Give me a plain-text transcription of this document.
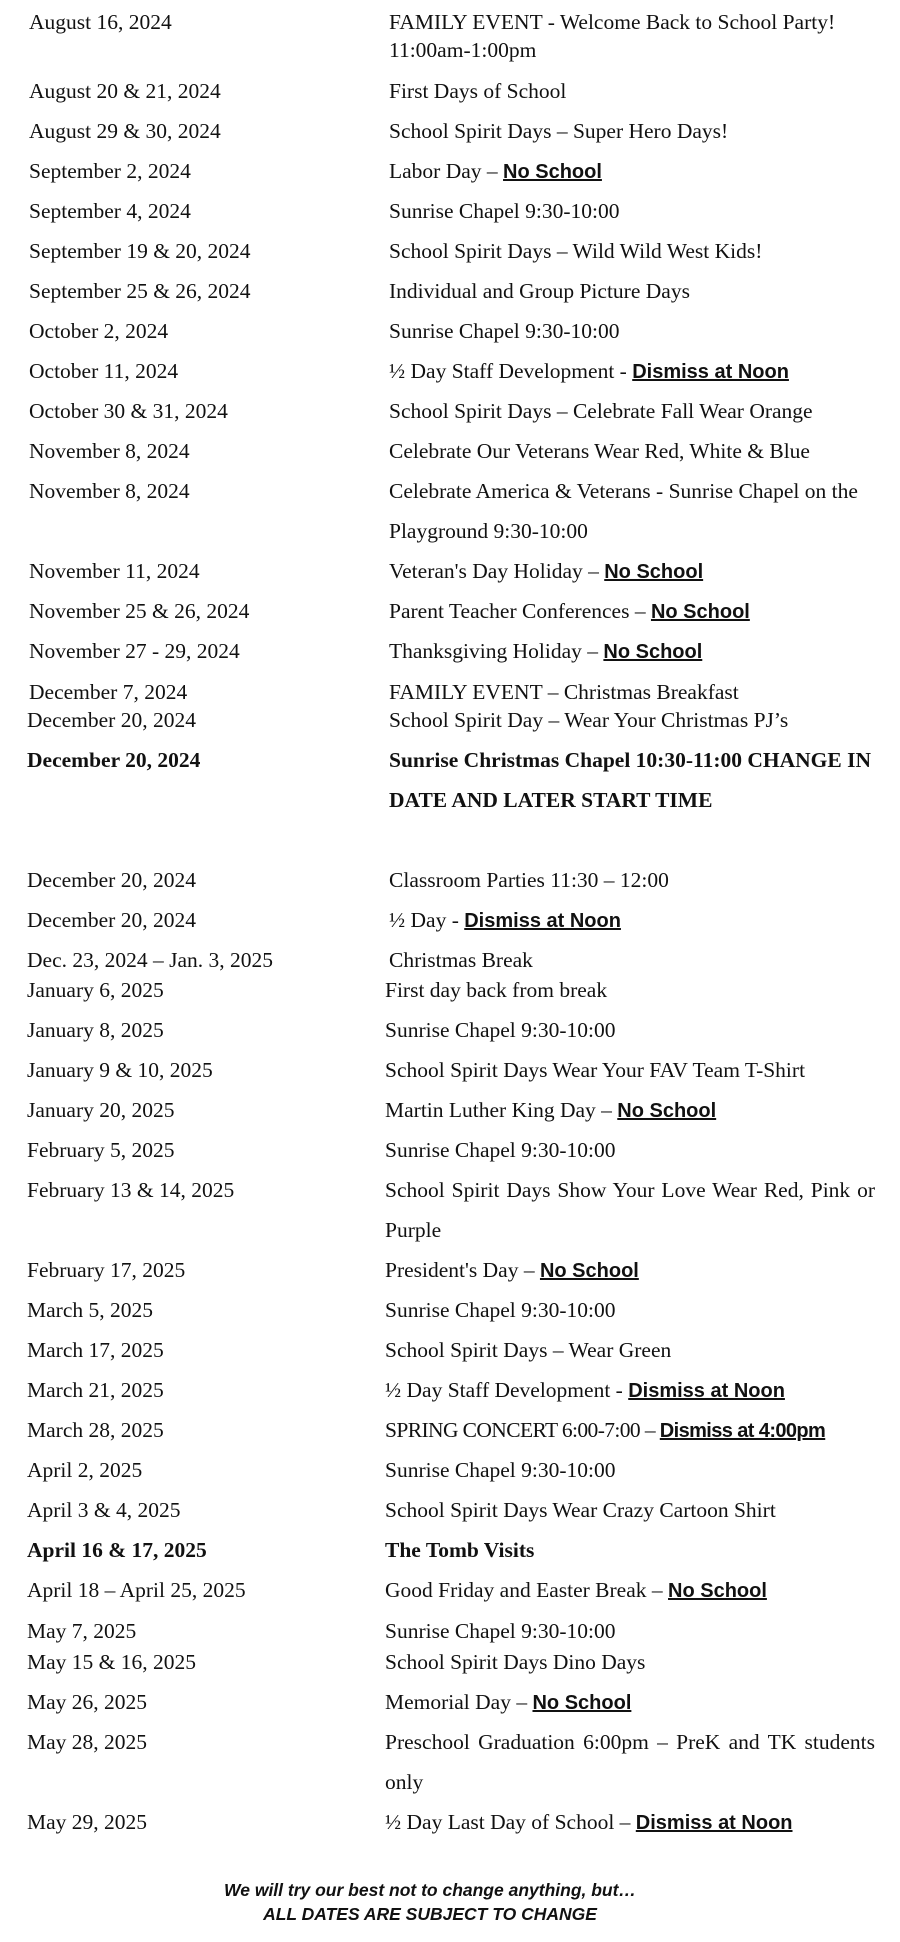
August 16, 2024	FAMILY EVENT - Welcome Back to School Party! 11:00am-1:00pm
August 20 & 21, 2024	First Days of School
August 29 & 30, 2024	School Spirit Days – Super Hero Days!
September 2, 2024	Labor Day – No School
September 4, 2024	Sunrise Chapel 9:30-10:00
September 19 & 20, 2024	School Spirit Days – Wild Wild West Kids!
September 25 & 26, 2024	Individual and Group Picture Days
October 2, 2024	Sunrise Chapel 9:30-10:00
October 11, 2024	½ Day Staff Development - Dismiss at Noon
October 30 & 31, 2024	School Spirit Days – Celebrate Fall Wear Orange
November 8, 2024	Celebrate Our Veterans Wear Red, White & Blue
November 8, 2024	Celebrate America & Veterans - Sunrise Chapel on the Playground 9:30-10:00
November 11, 2024	Veteran's Day Holiday – No School
November 25 & 26, 2024	Parent Teacher Conferences – No School
November 27 - 29, 2024	Thanksgiving Holiday – No School
December 7, 2024	FAMILY EVENT – Christmas Breakfast
December 20, 2024	School Spirit Day – Wear Your Christmas PJ’s
December 20, 2024	Sunrise Christmas Chapel 10:30-11:00 CHANGE IN DATE AND LATER START TIME
December 20, 2024	Classroom Parties 11:30 – 12:00
December 20, 2024	½ Day - Dismiss at Noon
Dec. 23, 2024 – Jan. 3, 2025	Christmas Break
January 6, 2025	First day back from break
January 8, 2025	Sunrise Chapel 9:30-10:00
January 9 & 10, 2025	School Spirit Days Wear Your FAV Team T-Shirt
January 20, 2025	Martin Luther King Day – No School
February 5, 2025	Sunrise Chapel 9:30-10:00
February 13 & 14, 2025	School Spirit Days Show Your Love Wear Red, Pink or Purple
February 17, 2025	President's Day – No School
March 5, 2025	Sunrise Chapel 9:30-10:00
March 17, 2025	School Spirit Days – Wear Green
March 21, 2025	½ Day Staff Development - Dismiss at Noon
March 28, 2025	SPRING CONCERT 6:00-7:00 – Dismiss at 4:00pm
April 2, 2025	Sunrise Chapel 9:30-10:00
April 3 & 4, 2025	School Spirit Days Wear Crazy Cartoon Shirt
April 16 & 17, 2025	The Tomb Visits
April 18 – April 25, 2025	Good Friday and Easter Break – No School
May 7, 2025	Sunrise Chapel 9:30-10:00
May 15 & 16, 2025	School Spirit Days Dino Days
May 26, 2025	Memorial Day – No School
May 28, 2025	Preschool Graduation 6:00pm – PreK and TK students only
May 29, 2025	½ Day Last Day of School – Dismiss at Noon
We will try our best not to change anything, but…
ALL DATES ARE SUBJECT TO CHANGE
